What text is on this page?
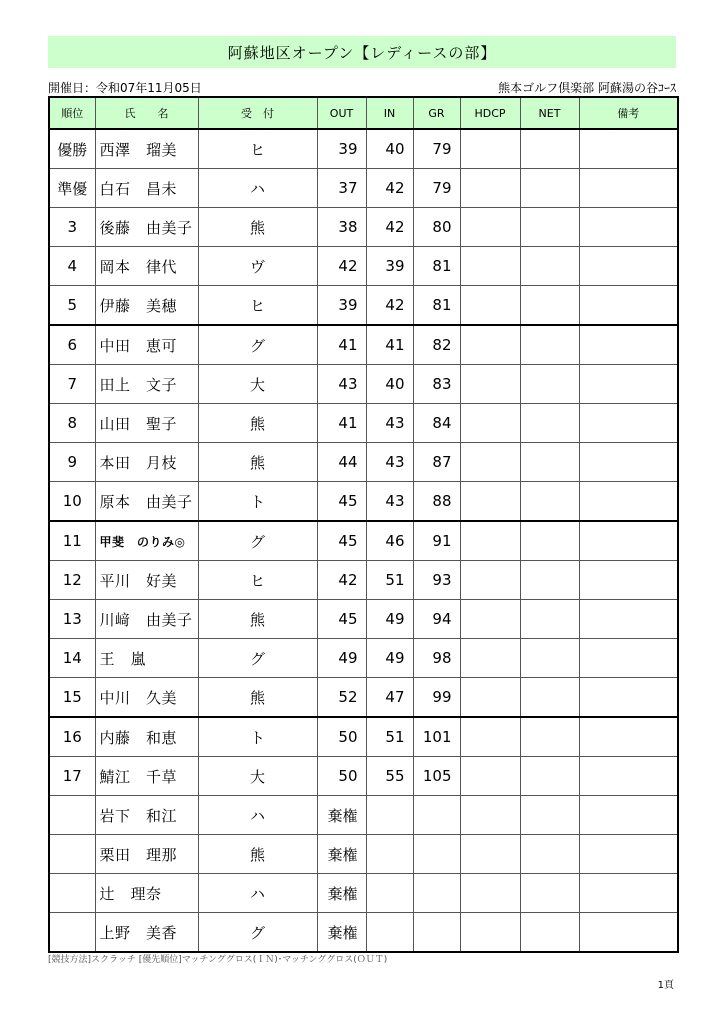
阿蘇地区オープン【レディースの部】
開催日：令和07年11月05日	熊本ゴルフ倶楽部 阿蘇湯の谷ｺｰｽ
順位	氏　　名	受　付	OUT	IN	GR	HDCP	NET	備考
優勝	西澤　瑠美	ヒ	39	40	79			
準優	白石　昌未	ハ	37	42	79			
3	後藤　由美子	熊	38	42	80			
4	岡本　律代	ヴ	42	39	81			
5	伊藤　美穂	ヒ	39	42	81			
6	中田　恵可	グ	41	41	82			
7	田上　文子	大	43	40	83			
8	山田　聖子	熊	41	43	84			
9	本田　月枝	熊	44	43	87			
10	原本　由美子	ト	45	43	88			
11	甲斐　のりみ◎	グ	45	46	91			
12	平川　好美	ヒ	42	51	93			
13	川﨑　由美子	熊	45	49	94			
14	王　嵐	グ	49	49	98			
15	中川　久美	熊	52	47	99			
16	内藤　和恵	ト	50	51	101			
17	鯖江　千草	大	50	55	105			
	岩下　和江	ハ	棄権					
	栗田　理那	熊	棄権					
	辻　理奈	ハ	棄権					
	上野　美香	グ	棄権					
[競技方法]スクラッチ [優先順位]マッチンググロス(ＩＮ)･マッチンググロス(ＯＵＴ)
1頁
